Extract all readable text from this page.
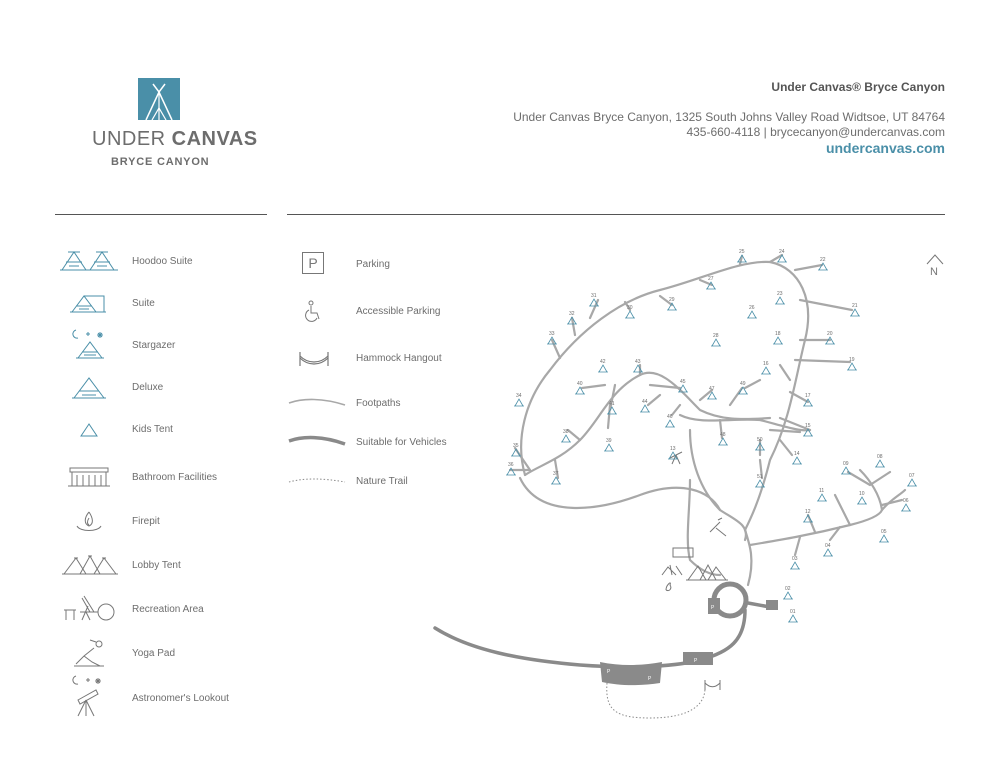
UNDER CANVAS
BRYCE CANYON
Under Canvas® Bryce Canyon
Under Canvas Bryce Canyon, 1325 South Johns Valley Road Widtsoe, UT 84764
435-660-4118 | brycecanyon@undercanvas.com
undercanvas.com
Hoodoo Suite
Suite
Stargazer
Deluxe
Kids Tent
Bathroom Facilities
Firepit
Lobby Tent
Recreation Area
Yoga Pad
Astronomer's Lookout
P	Parking
Accessible Parking
Hammock Hangout
Footpaths
Suitable for Vehicles
Nature Trail
N
P
P
P
P
01
02
03
04
05
06
07
08
09
10
11
12
13
14
15
16
17
18
19
20
21
22
23
24
25
26
27
28
29
30
31
32
33
34
35
36
37
38
39
40
41
42	43
44
45
46
47
48
49
50
51
